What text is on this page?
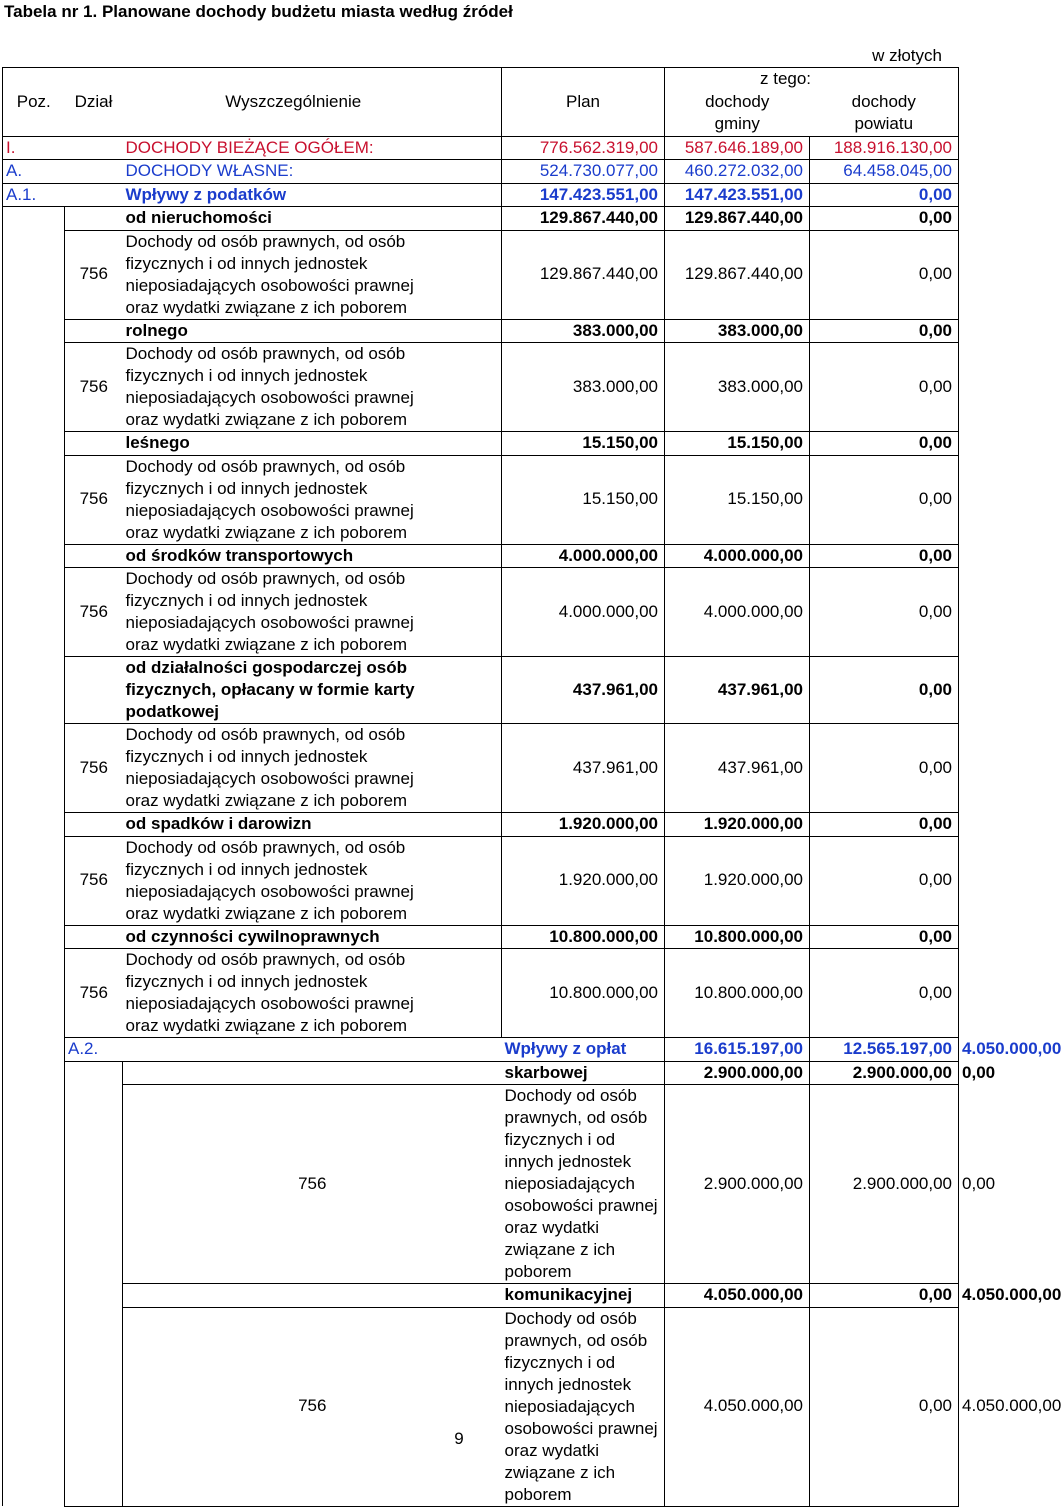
Tabela nr 1. Planowane dochody budżetu miasta według źródeł
w złotych
				z tego:		
Poz.	Dział	Wyszczególnienie	Plan	dochody	dochody	
				gminy	powiatu	
I.		DOCHODY BIEŻĄCE OGÓŁEM:	776.562.319,00	587.646.189,00	188.916.130,00	
A.		DOCHODY WŁASNE:	524.730.077,00	460.272.032,00	64.458.045,00	
A.1.		Wpływy z podatków	147.423.551,00	147.423.551,00	0,00	
		od nieruchomości	129.867.440,00	129.867.440,00	0,00	
	756	Dochody od osób prawnych, od osób
fizycznych i od innych jednostek
nieposiadających osobowości prawnej
oraz wydatki związane z ich poborem	129.867.440,00	129.867.440,00	0,00	
		rolnego	383.000,00	383.000,00	0,00	
	756	Dochody od osób prawnych, od osób
fizycznych i od innych jednostek
nieposiadających osobowości prawnej
oraz wydatki związane z ich poborem	383.000,00	383.000,00	0,00	
		leśnego	15.150,00	15.150,00	0,00	
	756	Dochody od osób prawnych, od osób
fizycznych i od innych jednostek
nieposiadających osobowości prawnej
oraz wydatki związane z ich poborem	15.150,00	15.150,00	0,00	
		od środków transportowych	4.000.000,00	4.000.000,00	0,00	
	756	Dochody od osób prawnych, od osób
fizycznych i od innych jednostek
nieposiadających osobowości prawnej
oraz wydatki związane z ich poborem	4.000.000,00	4.000.000,00	0,00	
		od działalności gospodarczej osób
fizycznych, opłacany w formie karty
podatkowej	437.961,00	437.961,00	0,00	
	756	Dochody od osób prawnych, od osób
fizycznych i od innych jednostek
nieposiadających osobowości prawnej
oraz wydatki związane z ich poborem	437.961,00	437.961,00	0,00	
		od spadków i darowizn	1.920.000,00	1.920.000,00	0,00	
	756	Dochody od osób prawnych, od osób
fizycznych i od innych jednostek
nieposiadających osobowości prawnej
oraz wydatki związane z ich poborem	1.920.000,00	1.920.000,00	0,00	
		od czynności cywilnoprawnych	10.800.000,00	10.800.000,00	0,00	
	756	Dochody od osób prawnych, od osób
fizycznych i od innych jednostek
nieposiadających osobowości prawnej
oraz wydatki związane z ich poborem	10.800.000,00	10.800.000,00	0,00	
	A.2.		Wpływy z opłat	16.615.197,00	12.565.197,00	4.050.000,00
			skarbowej	2.900.000,00	2.900.000,00	0,00
		756	Dochody od osób prawnych, od osób
fizycznych i od innych jednostek
nieposiadających osobowości prawnej
oraz wydatki związane z ich poborem	2.900.000,00	2.900.000,00	0,00
			komunikacyjnej	4.050.000,00	0,00	4.050.000,00
		756	Dochody od osób prawnych, od osób
fizycznych i od innych jednostek
nieposiadających osobowości prawnej
oraz wydatki związane z ich poborem	4.050.000,00	0,00	4.050.000,00
9
